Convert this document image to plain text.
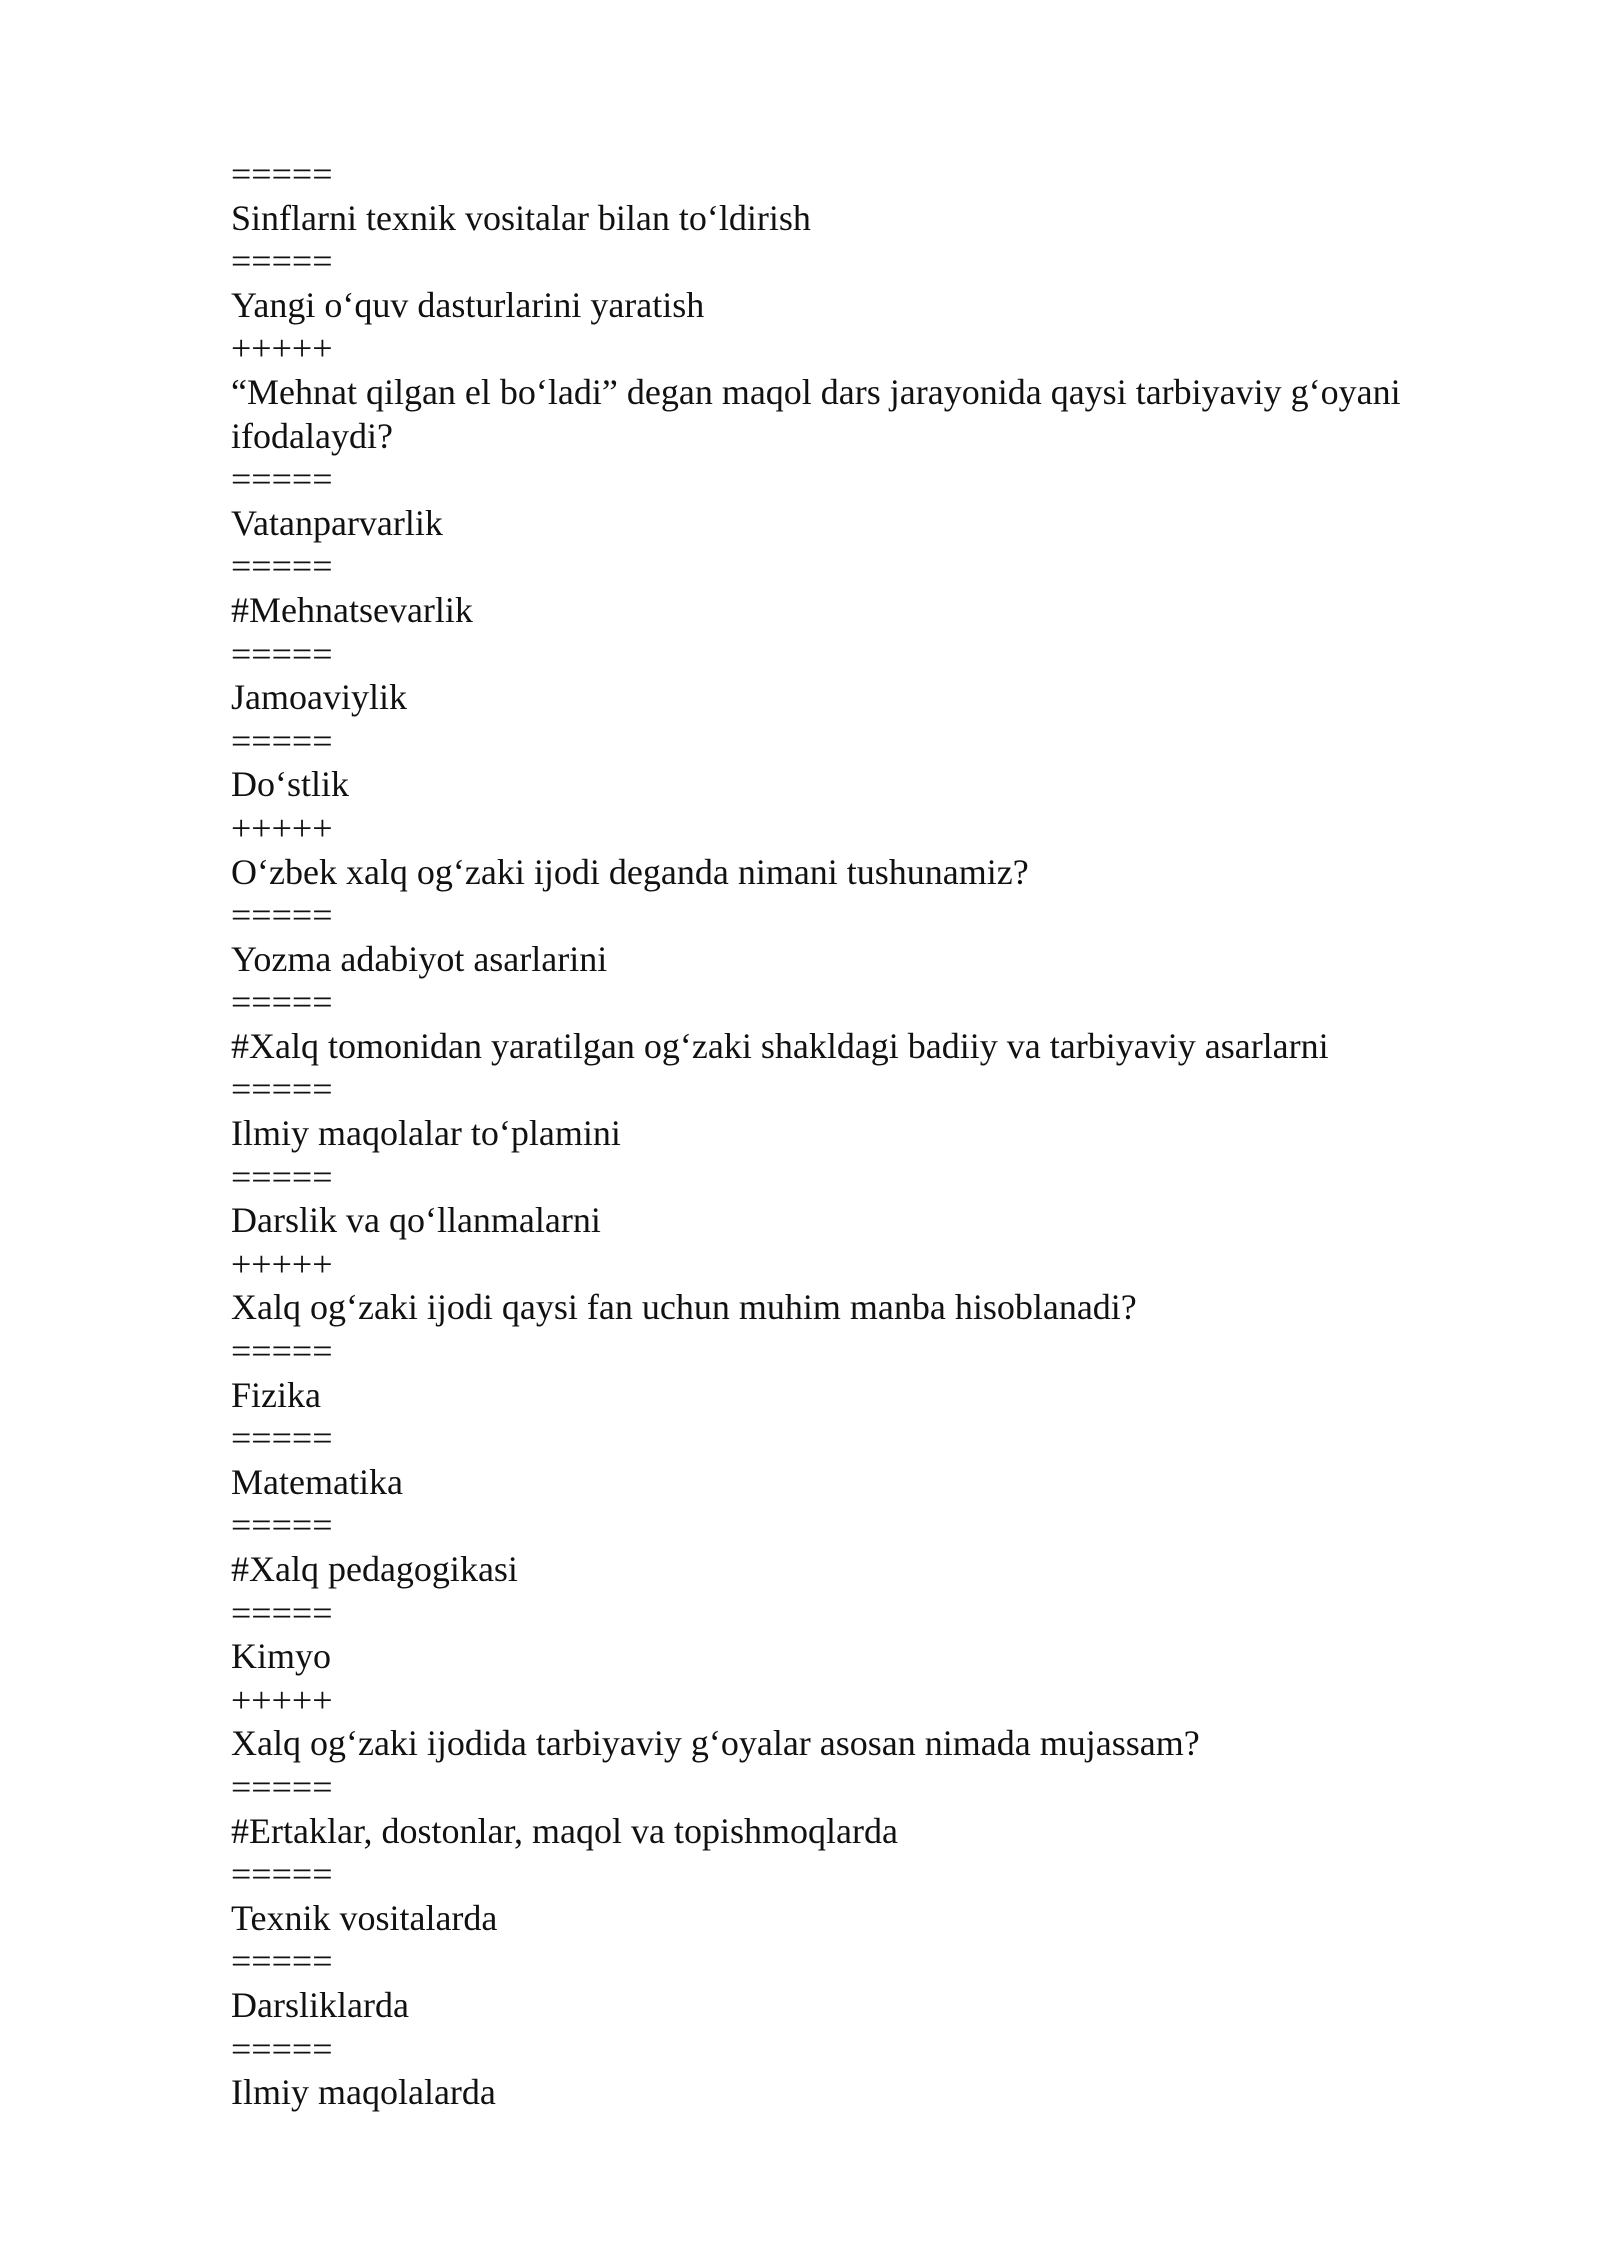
=====

Sinflarni texnik vositalar bilan to‘ldirish

=====

Yangi o‘quv dasturlarini yaratish

+++++

“Mehnat qilgan el bo‘ladi” degan maqol dars jarayonida qaysi tarbiyaviy g‘oyani ifodalaydi?

=====

Vatanparvarlik

=====

#Mehnatsevarlik

=====

Jamoaviylik

=====

Do‘stlik

+++++

O‘zbek xalq og‘zaki ijodi deganda nimani tushunamiz?

=====

Yozma adabiyot asarlarini

=====

#Xalq tomonidan yaratilgan og‘zaki shakldagi badiiy va tarbiyaviy asarlarni

=====

Ilmiy maqolalar to‘plamini

=====

Darslik va qo‘llanmalarni

+++++

Xalq og‘zaki ijodi qaysi fan uchun muhim manba hisoblanadi?

=====

Fizika

=====

Matematika

=====

#Xalq pedagogikasi

=====

Kimyo

+++++

Xalq og‘zaki ijodida tarbiyaviy g‘oyalar asosan nimada mujassam?

=====

#Ertaklar, dostonlar, maqol va topishmoqlarda

=====

Texnik vositalarda

=====

Darsliklarda

=====

Ilmiy maqolalarda
